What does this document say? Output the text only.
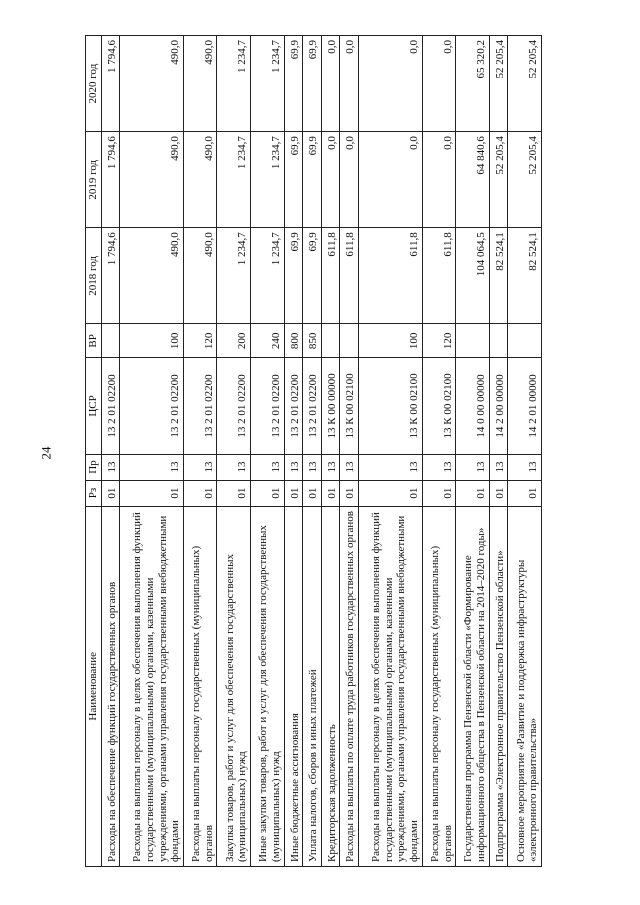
24
Наименование	Рз	Пр	ЦСР	ВР	2018 год	2019 год	2020 год
Расходы на обеспечение функций государственных органов	01	13	13 2 01 02200		1 794,6	1 794,6	1 794,6
Расходы на выплаты персоналу в целях обеспечения выполнения функций государственными (муниципальными) органами, казенными учреждениями, органами управления государственными внебюджетными фондами	01	13	13 2 01 02200	100	490,0	490,0	490,0
Расходы на выплаты персоналу государственных (муниципальных) органов	01	13	13 2 01 02200	120	490,0	490,0	490,0
Закупка товаров, работ и услуг для обеспечения государственных (муниципальных) нужд	01	13	13 2 01 02200	200	1 234,7	1 234,7	1 234,7
Иные закупки товаров, работ и услуг для обеспечения государственных (муниципальных) нужд	01	13	13 2 01 02200	240	1 234,7	1 234,7	1 234,7
Иные бюджетные ассигнования	01	13	13 2 01 02200	800	69,9	69,9	69,9
Уплата налогов, сборов и иных платежей	01	13	13 2 01 02200	850	69,9	69,9	69,9
Кредиторская задолженность	01	13	13 К 00 00000		611,8	0,0	0,0
Расходы на выплаты по оплате труда работников государственных органов	01	13	13 К 00 02100		611,8	0,0	0,0
Расходы на выплаты персоналу в целях обеспечения выполнения функций государственными (муниципальными) органами, казенными учреждениями, органами управления государственными внебюджетными фондами	01	13	13 К 00 02100	100	611,8	0,0	0,0
Расходы на выплаты персоналу государственных (муниципальных) органов	01	13	13 К 00 02100	120	611,8	0,0	0,0
Государственная программа Пензенской области «Формирование информационного общества в Пензенской области на 2014–2020 годы»	01	13	14 0 00 00000		104 064,5	64 840,6	65 320,2
Подпрограмма «Электронное правительство Пензенской области»	01	13	14 2 00 00000		82 524,1	52 205,4	52 205,4
Основное мероприятие «Развитие и поддержка инфраструктуры «электронного правительства»	01	13	14 2 01 00000		82 524,1	52 205,4	52 205,4
